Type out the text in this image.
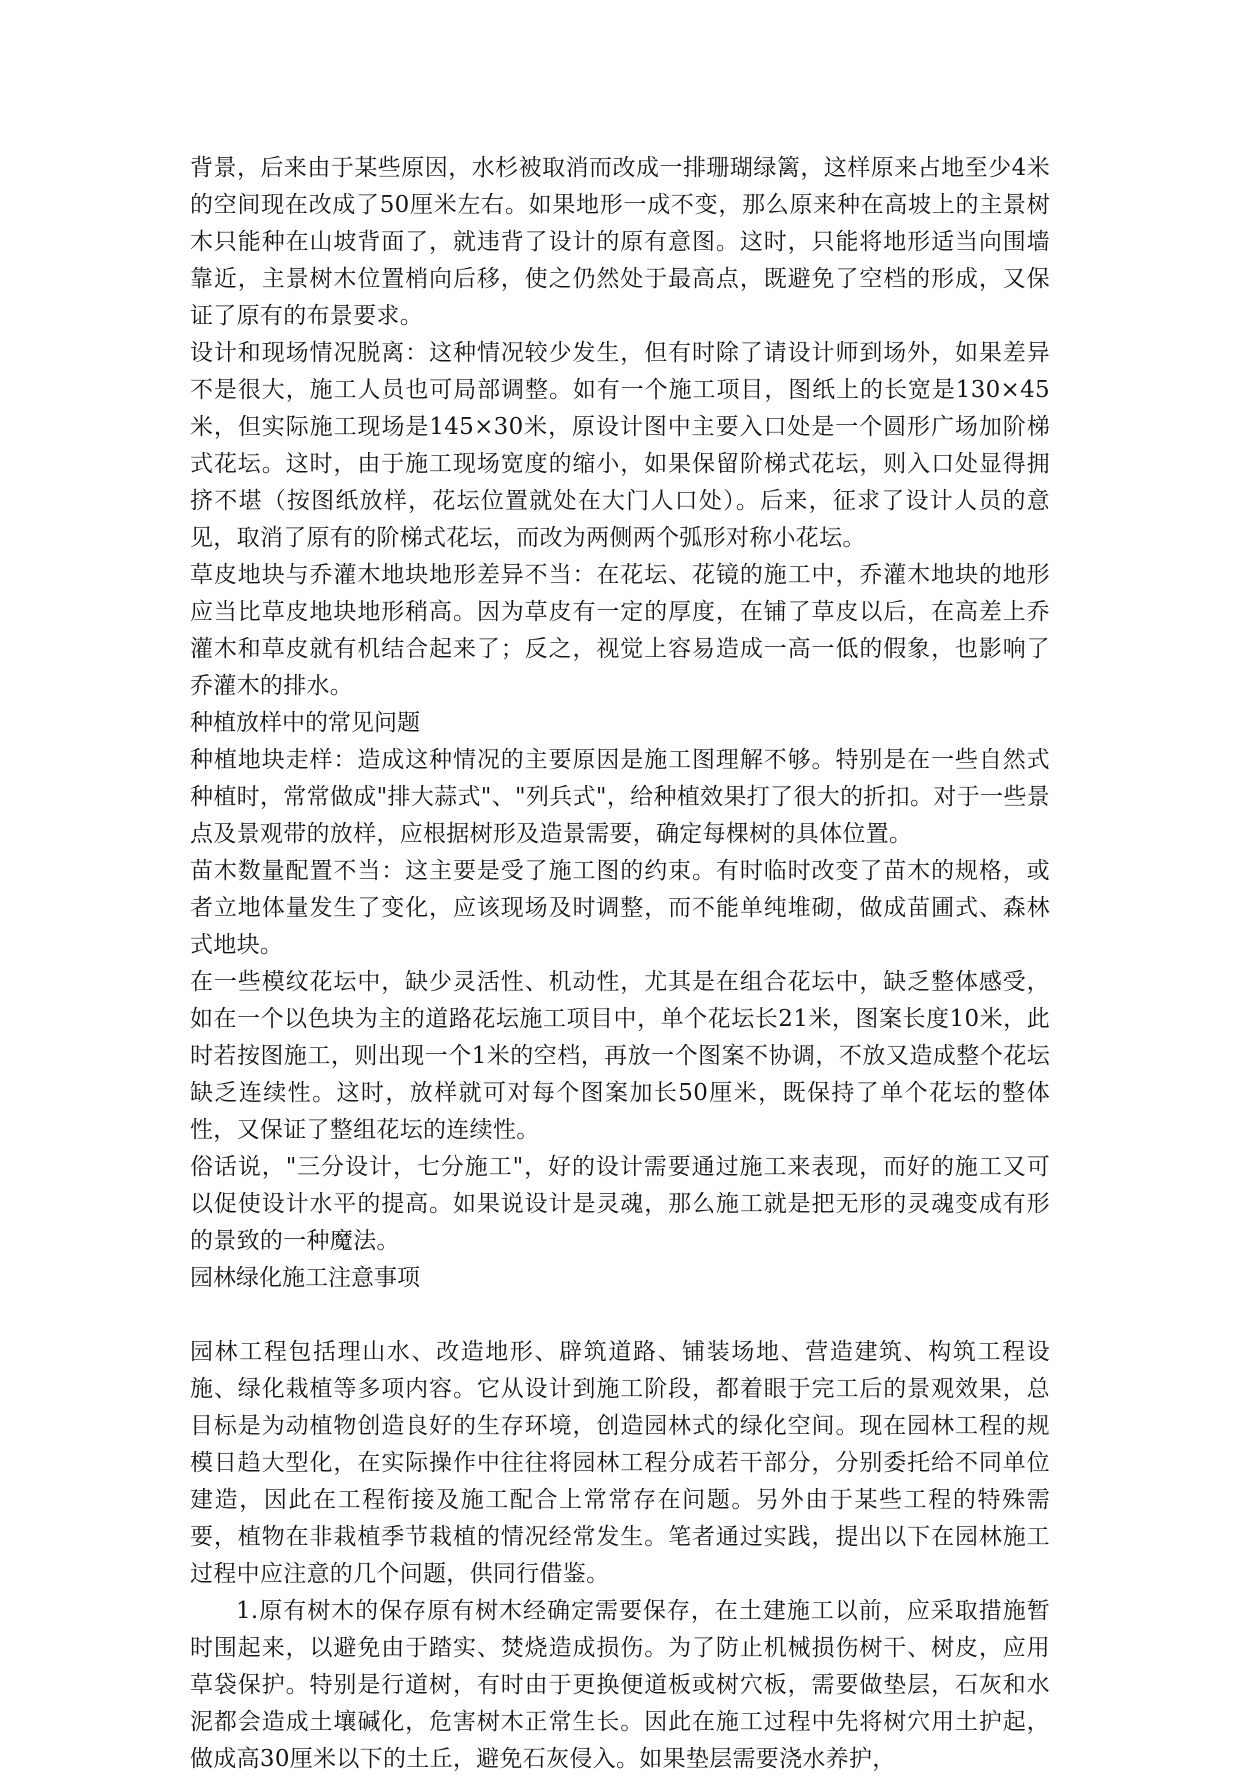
背景，后来由于某些原因，水杉被取消而改成一排珊瑚绿篱，这样原来占地至少4米的空间现在改成了50厘米左右。如果地形一成不变，那么原来种在高坡上的主景树木只能种在山坡背面了，就违背了设计的原有意图。这时，只能将地形适当向围墙靠近，主景树木位置梢向后移，使之仍然处于最高点，既避免了空档的形成，又保证了原有的布景要求。

设计和现场情况脱离：这种情况较少发生，但有时除了请设计师到场外，如果差异不是很大，施工人员也可局部调整。如有一个施工项目，图纸上的长宽是130×45米，但实际施工现场是145×30米，原设计图中主要入口处是一个圆形广场加阶梯式花坛。这时，由于施工现场宽度的缩小，如果保留阶梯式花坛，则入口处显得拥挤不堪（按图纸放样，花坛位置就处在大门人口处）。后来，征求了设计人员的意见，取消了原有的阶梯式花坛，而改为两侧两个弧形对称小花坛。

草皮地块与乔灌木地块地形差异不当：在花坛、花镜的施工中，乔灌木地块的地形应当比草皮地块地形稍高。因为草皮有一定的厚度，在铺了草皮以后，在高差上乔灌木和草皮就有机结合起来了；反之，视觉上容易造成一高一低的假象，也影响了乔灌木的排水。

种植放样中的常见问题

种植地块走样：造成这种情况的主要原因是施工图理解不够。特别是在一些自然式种植时，常常做成"排大蒜式"、"列兵式"，给种植效果打了很大的折扣。对于一些景点及景观带的放样，应根据树形及造景需要，确定每棵树的具体位置。

苗木数量配置不当：这主要是受了施工图的约束。有时临时改变了苗木的规格，或者立地体量发生了变化，应该现场及时调整，而不能单纯堆砌，做成苗圃式、森林式地块。

在一些模纹花坛中，缺少灵活性、机动性，尤其是在组合花坛中，缺乏整体感受，如在一个以色块为主的道路花坛施工项目中，单个花坛长21米，图案长度10米，此时若按图施工，则出现一个1米的空档，再放一个图案不协调，不放又造成整个花坛缺乏连续性。这时，放样就可对每个图案加长50厘米，既保持了单个花坛的整体性，又保证了整组花坛的连续性。

俗话说，"三分设计，七分施工"，好的设计需要通过施工来表现，而好的施工又可以促使设计水平的提高。如果说设计是灵魂，那么施工就是把无形的灵魂变成有形的景致的一种魔法。

园林绿化施工注意事项

园林工程包括理山水、改造地形、辟筑道路、铺装场地、营造建筑、构筑工程设施、绿化栽植等多项内容。它从设计到施工阶段，都着眼于完工后的景观效果，总目标是为动植物创造良好的生存环境，创造园林式的绿化空间。现在园林工程的规模日趋大型化，在实际操作中往往将园林工程分成若干部分，分别委托给不同单位建造，因此在工程衔接及施工配合上常常存在问题。另外由于某些工程的特殊需要，植物在非栽植季节栽植的情况经常发生。笔者通过实践，提出以下在园林施工过程中应注意的几个问题，供同行借鉴。

1.原有树木的保存原有树木经确定需要保存，在土建施工以前，应采取措施暂时围起来，以避免由于踏实、焚烧造成损伤。为了防止机械损伤树干、树皮，应用草袋保护。特别是行道树，有时由于更换便道板或树穴板，需要做垫层，石灰和水泥都会造成土壤碱化，危害树木正常生长。因此在施工过程中先将树穴用土护起，做成高30厘米以下的土丘，避免石灰侵入。如果垫层需要浇水养护，
